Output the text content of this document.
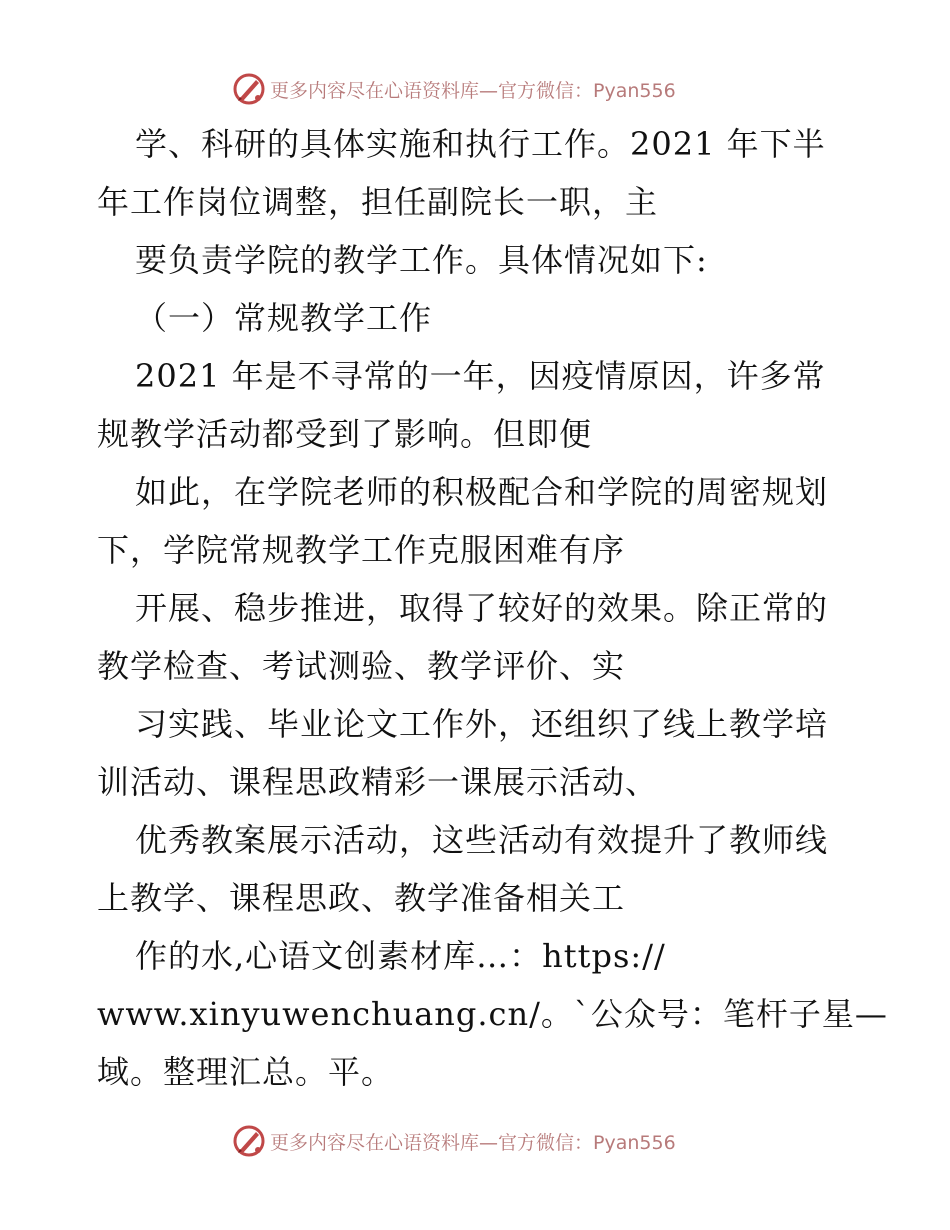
更多内容尽在心语资料库—官方微信：Pyan556
学、科研的具体实施和执行工作。2021 年下半
年工作岗位调整，担任副院长一职，主
要负责学院的教学工作。具体情况如下:
（一）常规教学工作
2021 年是不寻常的一年，因疫情原因，许多常
规教学活动都受到了影响。但即便
如此，在学院老师的积极配合和学院的周密规划
下，学院常规教学工作克服困难有序
开展、稳步推进，取得了较好的效果。除正常的
教学检查、考试测验、教学评价、实
习实践、毕业论文工作外，还组织了线上教学培
训活动、课程思政精彩一课展示活动、
优秀教案展示活动，这些活动有效提升了教师线
上教学、课程思政、教学准备相关工
作的水,心语文创素材库…：https://
www.xinyuwenchuang.cn/。`公众号：笔杆子星—
域。整理汇总。平。
更多内容尽在心语资料库—官方微信：Pyan556
